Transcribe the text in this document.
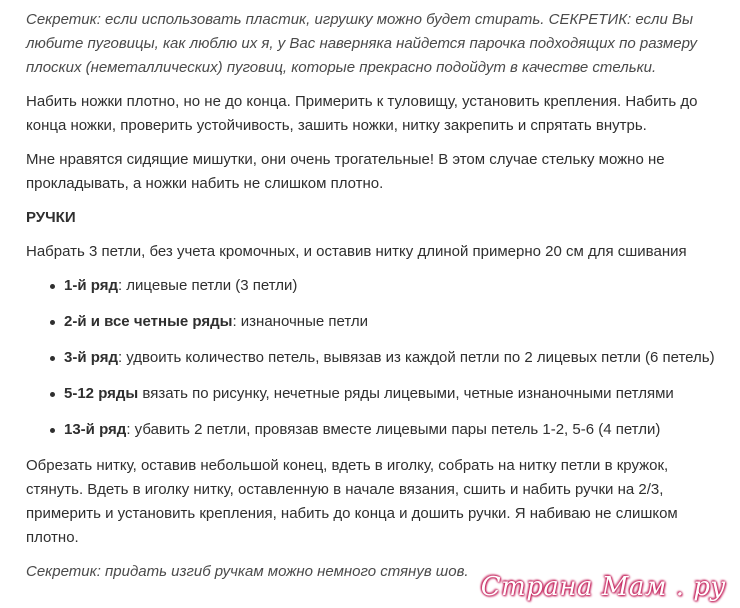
Секретик: если использовать пластик, игрушку можно будет стирать. СЕКРЕТИК: если Вы любите пуговицы, как люблю их я, у Вас наверняка найдется парочка подходящих по размеру плоских (неметаллических) пуговиц, которые прекрасно подойдут в качестве стельки.

Набить ножки плотно, но не до конца. Примерить к туловищу, установить крепления. Набить до конца ножки, проверить устойчивость, зашить ножки, нитку закрепить и спрятать внутрь.

Мне нравятся сидящие мишутки, они очень трогательные! В этом случае стельку можно не прокладывать, а ножки набить не слишком плотно.

РУЧКИ

Набрать 3 петли, без учета кромочных, и оставив нитку длиной примерно 20 см для сшивания

1-й ряд: лицевые петли (3 петли)
2-й и все четные ряды: изнаночные петли
3-й ряд: удвоить количество петель, вывязав из каждой петли по 2 лицевых петли (6 петель)
5-12 ряды вязать по рисунку, нечетные ряды лицевыми, четные изнаночными петлями
13-й ряд: убавить 2 петли, провязав вместе лицевыми пары петель 1-2, 5-6 (4 петли)

Обрезать нитку, оставив небольшой конец, вдеть в иголку, собрать на нитку петли в кружок, стянуть. Вдеть в иголку нитку, оставленную в начале вязания, сшить и набить ручки на 2/3, примерить и установить крепления, набить до конца и дошить ручки. Я набиваю не слишком плотно.

Секретик: придать изгиб ручкам можно немного стянув шов.

Страна Мам . ру
